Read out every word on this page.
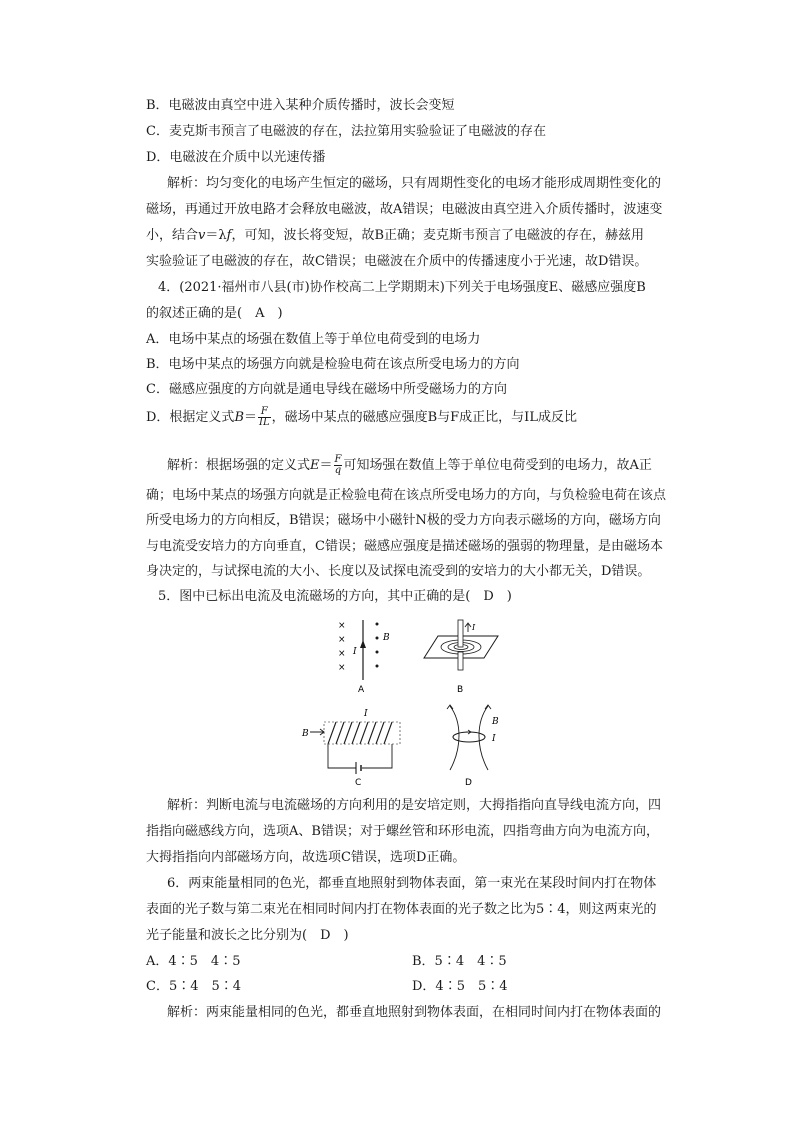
B．电磁波由真空中进入某种介质传播时，波长会变短
C．麦克斯韦预言了电磁波的存在，法拉第用实验验证了电磁波的存在
D．电磁波在介质中以光速传播
解析：均匀变化的电场产生恒定的磁场，只有周期性变化的电场才能形成周期性变化的
磁场，再通过开放电路才会释放电磁波，故A错误；电磁波由真空进入介质传播时，波速变
小，结合v＝λf，可知，波长将变短，故B正确；麦克斯韦预言了电磁波的存在，赫兹用
实验验证了电磁波的存在，故C错误；电磁波在介质中的传播速度小于光速，故D错误。
4．(2021·福州市八县(市)协作校高二上学期期末)下列关于电场强度E、磁感应强度B
的叙述正确的是(　A　)
A．电场中某点的场强在数值上等于单位电荷受到的电场力
B．电场中某点的场强方向就是检验电荷在该点所受电场力的方向
C．磁感应强度的方向就是通电导线在磁场中所受磁场力的方向
D．根据定义式$B= \frac{F}{IL}$ ，磁场中某点的磁感应强度B与F成正比，与IL成反比
解析：根据场强的定义式$E= \frac{F}{q}$ 可知场强在数值上等于单位电荷受到的电场力，故A正
确；电场中某点的场强方向就是正检验电荷在该点所受电场力的方向，与负检验电荷在该点
所受电场力的方向相反，B错误；磁场中小磁针N极的受力方向表示磁场的方向，磁场方向
与电流受安培力的方向垂直，C错误；磁感应强度是描述磁场的强弱的物理量，是由磁场本
身决定的，与试探电流的大小、长度以及试探电流受到的安培力的大小都无关，D错误。
5．图中已标出电流及电流磁场的方向，其中正确的是(　D　)
×
×
×
×
I
B
A
I
B
B
I
C
B
I
D
解析：判断电流与电流磁场的方向利用的是安培定则，大拇指指向直导线电流方向，四
指指向磁感线方向，选项A、B错误；对于螺丝管和环形电流，四指弯曲方向为电流方向，
大拇指指向内部磁场方向，故选项C错误，选项D正确。
6．两束能量相同的色光，都垂直地照射到物体表面，第一束光在某段时间内打在物体
表面的光子数与第二束光在相同时间内打在物体表面的光子数之比为5∶4，则这两束光的
光子能量和波长之比分别为(　D　)
A．4∶5　4∶5	B．5∶4　4∶5
C．5∶4　5∶4	D．4∶5　5∶4
解析：两束能量相同的色光，都垂直地照射到物体表面，在相同时间内打在物体表面的
